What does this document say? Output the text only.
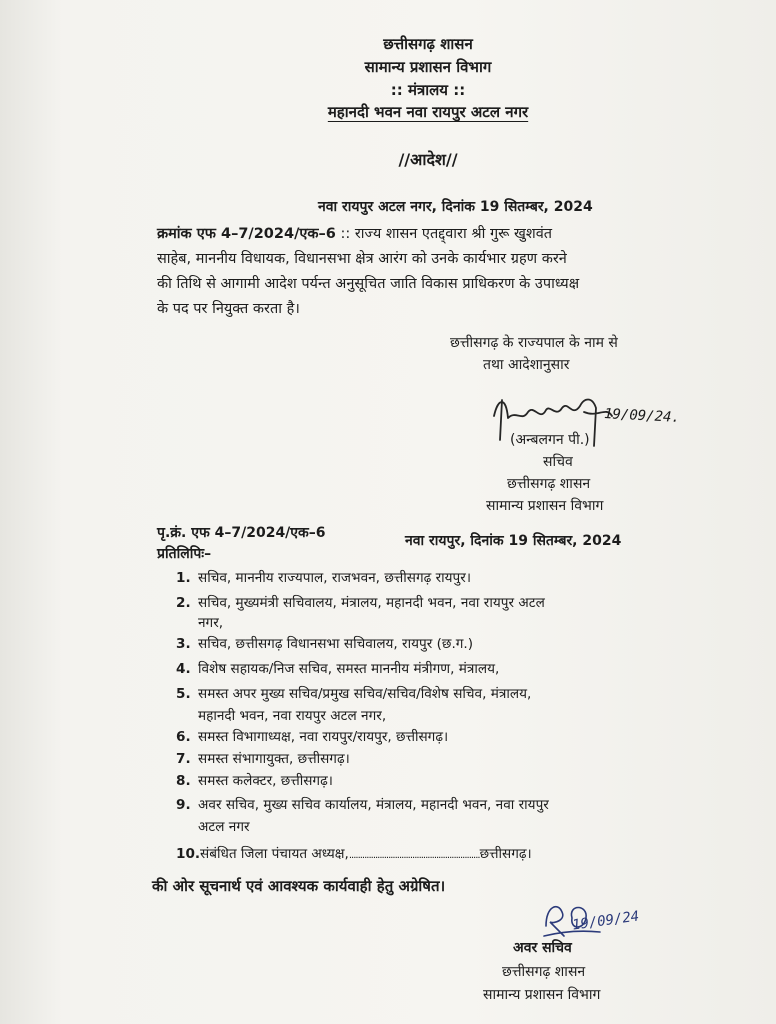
छत्तीसगढ़ शासन
सामान्य प्रशासन विभाग
:: मंत्रालय ::
महानदी भवन नवा रायपुर अटल नगर
//आदेश//
नवा रायपुर अटल नगर, दिनांक 19 सितम्बर, 2024
क्रमांक एफ 4–7/2024/एक–6 :: राज्य शासन एतद्द्वारा श्री गुरू खुशवंत
साहेब, माननीय विधायक, विधानसभा क्षेत्र आरंग को उनके कार्यभार ग्रहण करने
की तिथि से आगामी आदेश पर्यन्त अनुसूचित जाति विकास प्राधिकरण के उपाध्यक्ष
के पद पर नियुक्त करता है।
छत्तीसगढ़ के राज्यपाल के नाम से
तथा आदेशानुसार
19/09/24.
(अन्बलगन पी.)
सचिव
छत्तीसगढ़ शासन
सामान्य प्रशासन विभाग
पृ.क्रं. एफ 4–7/2024/एक–6	नवा रायपुर, दिनांक 19 सितम्बर, 2024
प्रतिलिपिः–
1. सचिव, माननीय राज्यपाल, राजभवन, छत्तीसगढ़ रायपुर।
2. सचिव, मुख्यमंत्री सचिवालय, मंत्रालय, महानदी भवन, नवा रायपुर अटल
नगर,
3. सचिव, छत्तीसगढ़ विधानसभा सचिवालय, रायपुर (छ.ग.)
4. विशेष सहायक/निज सचिव, समस्त माननीय मंत्रीगण, मंत्रालय,
5. समस्त अपर मुख्य सचिव/प्रमुख सचिव/सचिव/विशेष सचिव, मंत्रालय,
महानदी भवन, नवा रायपुर अटल नगर,
6. समस्त विभागाध्यक्ष, नवा रायपुर/रायपुर, छत्तीसगढ़।
7. समस्त संभागायुक्त, छत्तीसगढ़।
8. समस्त कलेक्टर, छत्तीसगढ़।
9. अवर सचिव, मुख्य सचिव कार्यालय, मंत्रालय, महानदी भवन, नवा रायपुर
अटल नगर
10.संबंधित जिला पंचायत अध्यक्ष,............................................................छत्तीसगढ़।
की ओर सूचनार्थ एवं आवश्यक कार्यवाही हेतु अग्रेषित।
19/09/24
अवर सचिव
छत्तीसगढ़ शासन
सामान्य प्रशासन विभाग
